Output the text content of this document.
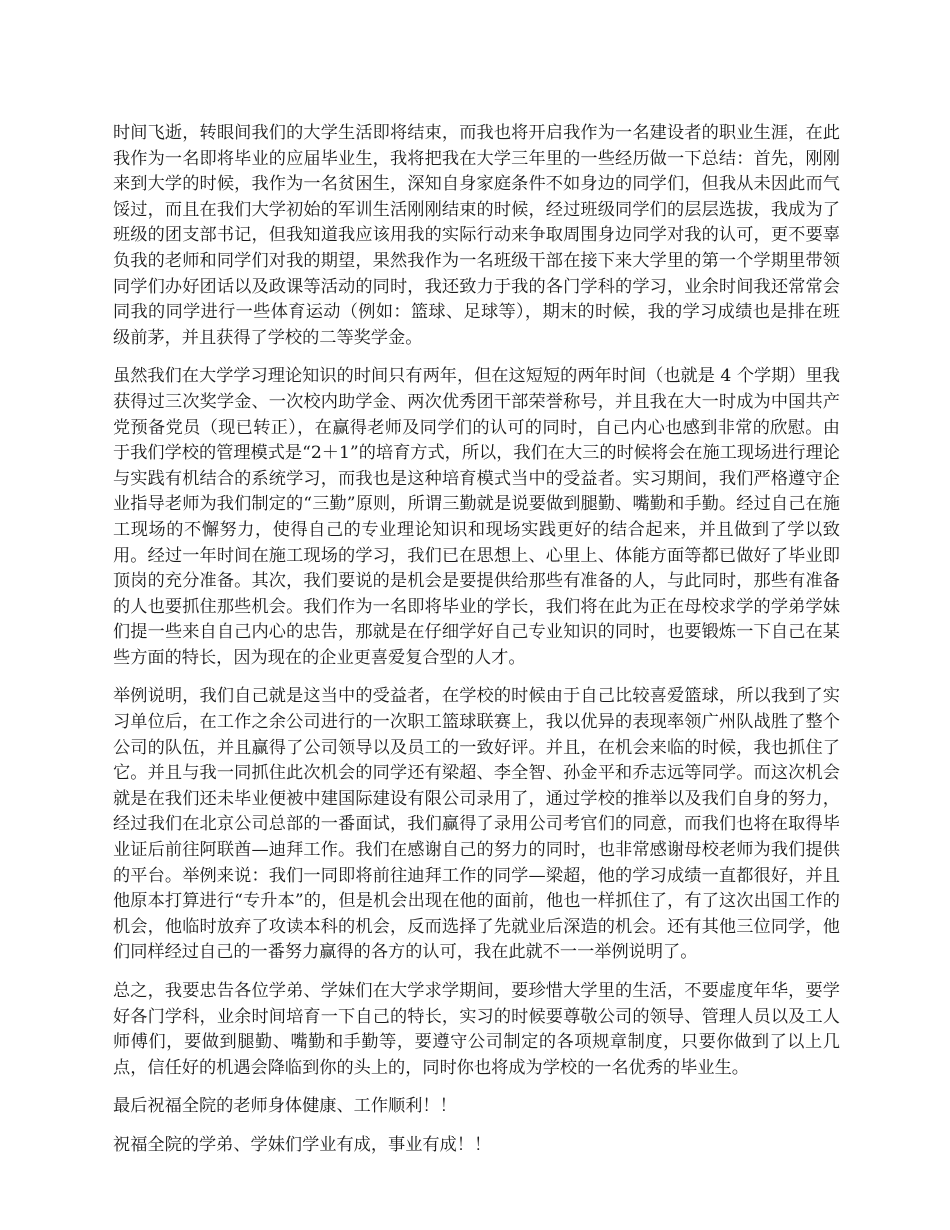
时间飞逝，转眼间我们的大学生活即将结束，而我也将开启我作为一名建设者的职业生涯，在此我作为一名即将毕业的应届毕业生，我将把我在大学三年里的一些经历做一下总结：首先，刚刚来到大学的时候，我作为一名贫困生，深知自身家庭条件不如身边的同学们，但我从未因此而气馁过，而且在我们大学初始的军训生活刚刚结束的时候，经过班级同学们的层层选拔，我成为了班级的团支部书记，但我知道我应该用我的实际行动来争取周围身边同学对我的认可，更不要辜负我的老师和同学们对我的期望，果然我作为一名班级干部在接下来大学里的第一个学期里带领同学们办好团话以及政课等活动的同时，我还致力于我的各门学科的学习，业余时间我还常常会同我的同学进行一些体育运动（例如：篮球、足球等），期末的时候，我的学习成绩也是排在班级前茅，并且获得了学校的二等奖学金。

虽然我们在大学学习理论知识的时间只有两年，但在这短短的两年时间（也就是 4 个学期）里我获得过三次奖学金、一次校内助学金、两次优秀团干部荣誉称号，并且我在大一时成为中国共产党预备党员（现已转正），在赢得老师及同学们的认可的同时，自己内心也感到非常的欣慰。由于我们学校的管理模式是“2＋1”的培育方式，所以，我们在大三的时候将会在施工现场进行理论与实践有机结合的系统学习，而我也是这种培育模式当中的受益者。实习期间，我们严格遵守企业指导老师为我们制定的“三勤”原则，所谓三勤就是说要做到腿勤、嘴勤和手勤。经过自己在施工现场的不懈努力，使得自己的专业理论知识和现场实践更好的结合起来，并且做到了学以致用。经过一年时间在施工现场的学习，我们已在思想上、心里上、体能方面等都已做好了毕业即顶岗的充分准备。其次，我们要说的是机会是要提供给那些有准备的人，与此同时，那些有准备的人也要抓住那些机会。我们作为一名即将毕业的学长，我们将在此为正在母校求学的学弟学妹们提一些来自自己内心的忠告，那就是在仔细学好自己专业知识的同时，也要锻炼一下自己在某些方面的特长，因为现在的企业更喜爱复合型的人才。

举例说明，我们自己就是这当中的受益者，在学校的时候由于自己比较喜爱篮球，所以我到了实习单位后，在工作之余公司进行的一次职工篮球联赛上，我以优异的表现率领广州队战胜了整个公司的队伍，并且赢得了公司领导以及员工的一致好评。并且，在机会来临的时候，我也抓住了它。并且与我一同抓住此次机会的同学还有梁超、李全智、孙金平和乔志远等同学。而这次机会就是在我们还未毕业便被中建国际建设有限公司录用了，通过学校的推举以及我们自身的努力，经过我们在北京公司总部的一番面试，我们赢得了录用公司考官们的同意，而我们也将在取得毕业证后前往阿联酋—迪拜工作。我们在感谢自己的努力的同时，也非常感谢母校老师为我们提供的平台。举例来说：我们一同即将前往迪拜工作的同学—梁超，他的学习成绩一直都很好，并且他原本打算进行“专升本”的，但是机会出现在他的面前，他也一样抓住了，有了这次出国工作的机会，他临时放弃了攻读本科的机会，反而选择了先就业后深造的机会。还有其他三位同学，他们同样经过自己的一番努力赢得的各方的认可，我在此就不一一举例说明了。

总之，我要忠告各位学弟、学妹们在大学求学期间，要珍惜大学里的生活，不要虚度年华，要学好各门学科，业余时间培育一下自己的特长，实习的时候要尊敬公司的领导、管理人员以及工人师傅们，要做到腿勤、嘴勤和手勤等，要遵守公司制定的各项规章制度，只要你做到了以上几点，信任好的机遇会降临到你的头上的，同时你也将成为学校的一名优秀的毕业生。

最后祝福全院的老师身体健康、工作顺利！！

祝福全院的学弟、学妹们学业有成，事业有成！！
